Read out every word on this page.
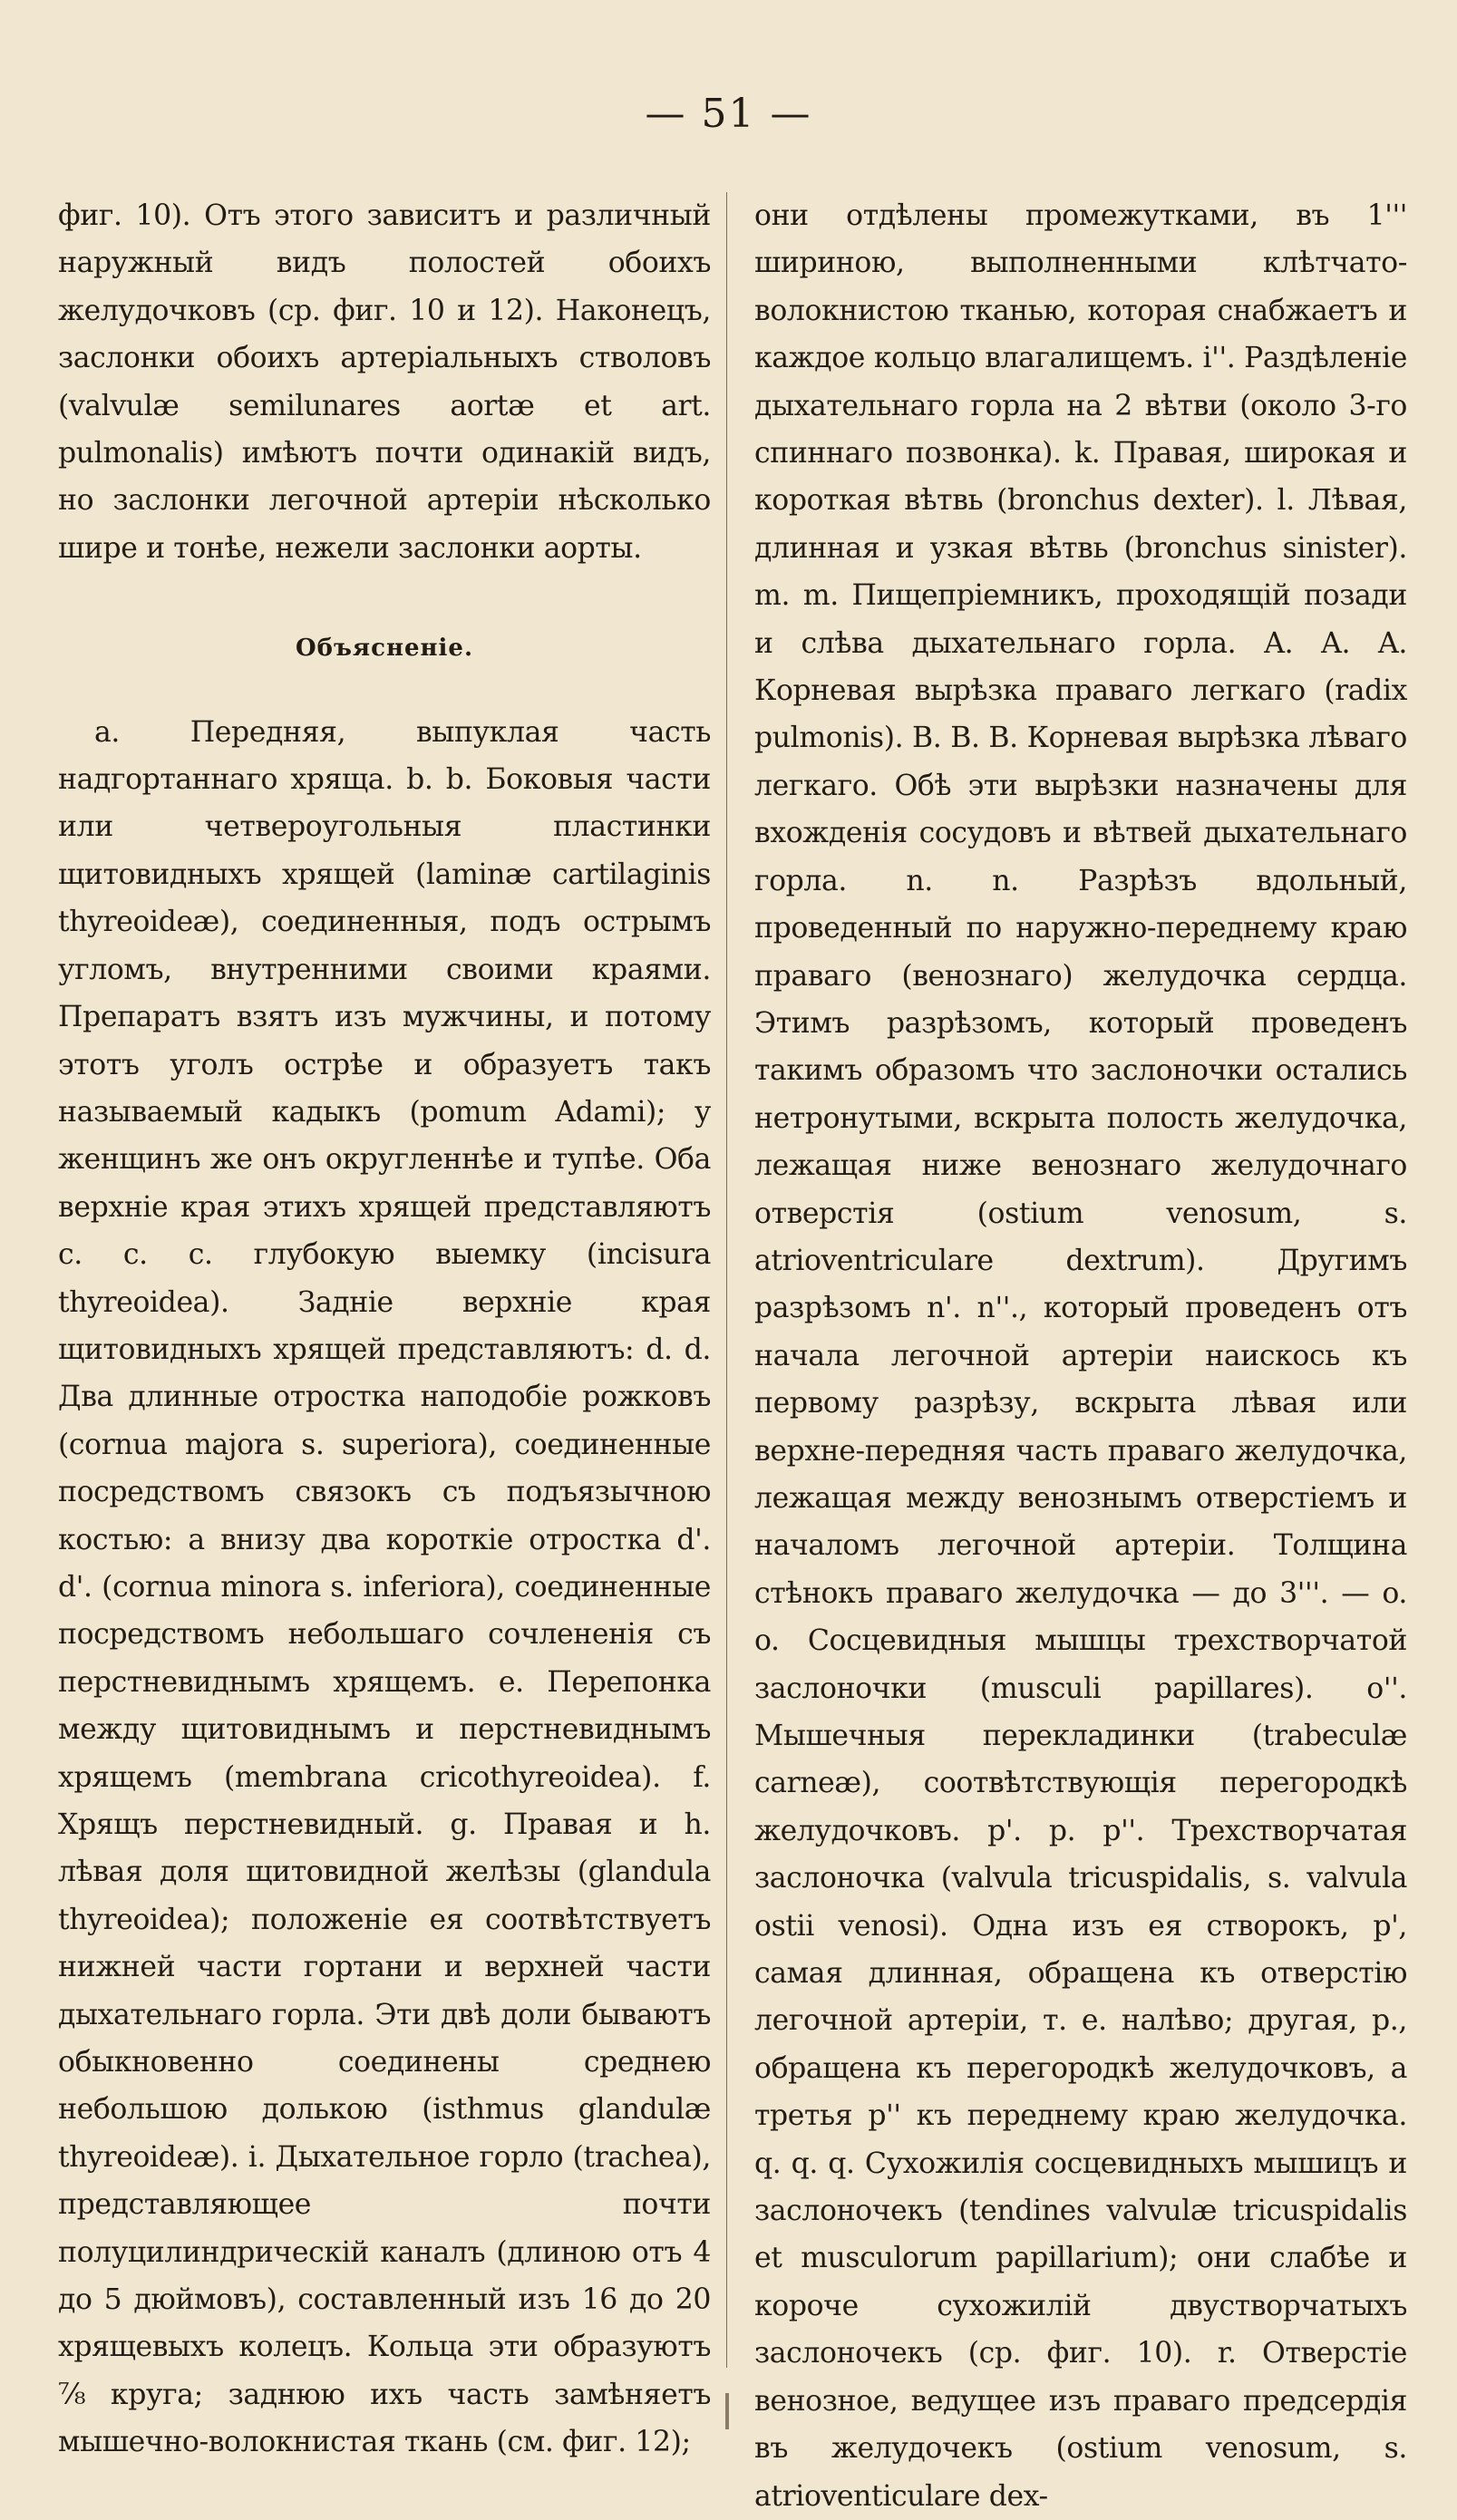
— 51 —

фиг. 10). Отъ этого зависитъ и различный наружный видъ полостей обоихъ желудочковъ (ср. фиг. 10 и 12). Наконецъ, заслонки обоихъ артеріальныхъ стволовъ (valvulæ semilunares aortæ et art. pulmonalis) имѣютъ почти одинакій видъ, но заслонки легочной артеріи нѣсколько шире и тонѣе, нежели заслонки аорты.

Объясненіе.

a. Передняя, выпуклая часть надгортаннаго хряща. b. b. Боковыя части или четвероугольныя пластинки щитовидныхъ хрящей (laminæ cartilaginis thyreoideæ), соединенныя, подъ острымъ угломъ, внутренними своими краями. Препаратъ взятъ изъ мужчины, и потому этотъ уголъ острѣе и образуетъ такъ называемый кадыкъ (pomum Adami); у женщинъ же онъ округленнѣе и тупѣе. Оба верхніе края этихъ хрящей представляютъ c. c. c. глубокую выемку (incisura thyreoidea). Задніе верхніе края щитовидныхъ хрящей представляютъ: d. d. Два длинные отростка наподобіе рожковъ (cornua majora s. superiora), соединенные посредствомъ связокъ съ подъязычною костью: а внизу два короткіе отростка d'. d'. (cornua minora s. inferiora), соединенные посредствомъ небольшаго сочлененія съ перстневиднымъ хрящемъ. e. Перепонка между щитовиднымъ и перстневиднымъ хрящемъ (membrana cricothyreoidea). f. Хрящъ перстневидный. g. Правая и h. лѣвая доля щитовидной желѣзы (glandula thyreoidea); положеніе ея соотвѣтствуетъ нижней части гортани и верхней части дыхательнаго горла. Эти двѣ доли бываютъ обыкновенно соединены среднею небольшою долькою (isthmus glandulæ thyreoideæ). i. Дыхательное горло (trachea), представляющее почти полуцилиндрическій каналъ (длиною отъ 4 до 5 дюймовъ), составленный изъ 16 до 20 хрящевыхъ колецъ. Кольца эти образуютъ ⅞ круга; заднюю ихъ часть замѣняетъ мышечно-волокнистая ткань (см. фиг. 12);

они отдѣлены промежутками, въ 1''' шириною, выполненными клѣтчато-волокнистою тканью, которая снабжаетъ и каждое кольцо влагалищемъ. i''. Раздѣленіе дыхательнаго горла на 2 вѣтви (около 3-го спиннаго позвонка). k. Правая, широкая и короткая вѣтвь (bronchus dexter). l. Лѣвая, длинная и узкая вѣтвь (bronchus sinister). m. m. Пищепріемникъ, проходящій позади и слѣва дыхательнаго горла. A. A. A. Корневая вырѣзка праваго легкаго (radix pulmonis). B. B. B. Корневая вырѣзка лѣваго легкаго. Обѣ эти вырѣзки назначены для вхожденія сосудовъ и вѣтвей дыхательнаго горла. n. n. Разрѣзъ вдольный, проведенный по наружно-переднему краю праваго (венознаго) желудочка сердца. Этимъ разрѣзомъ, который проведенъ такимъ образомъ что заслоночки остались нетронутыми, вскрыта полость желудочка, лежащая ниже венознаго желудочнаго отверстія (ostium venosum, s. atrioventriculare dextrum). Другимъ разрѣзомъ n'. n''., который проведенъ отъ начала легочной артеріи наискось къ первому разрѣзу, вскрыта лѣвая или верхне-передняя часть праваго желудочка, лежащая между венознымъ отверстіемъ и началомъ легочной артеріи. Толщина стѣнокъ праваго желудочка — до 3'''. — o. o. Сосцевидныя мышцы трехстворчатой заслоночки (musculi papillares). o''. Мышечныя перекладинки (trabeculæ carneæ), соотвѣтствующія перегородкѣ желудочковъ. p'. p. p''. Трехстворчатая заслоночка (valvula tricuspidalis, s. valvula ostii venosi). Одна изъ ея створокъ, p', самая длинная, обращена къ отверстію легочной артеріи, т. е. налѣво; другая, p., обращена къ перегородкѣ желудочковъ, а третья p'' къ переднему краю желудочка. q. q. q. Сухожилія сосцевидныхъ мышицъ и заслоночекъ (tendines valvulæ tricuspidalis et musculorum papillarium); они слабѣе и короче сухожилій двустворчатыхъ заслоночекъ (ср. фиг. 10). r. Отверстіе венозное, ведущее изъ праваго предсердія въ желудочекъ (ostium venosum, s. atrioventiculare dex-
